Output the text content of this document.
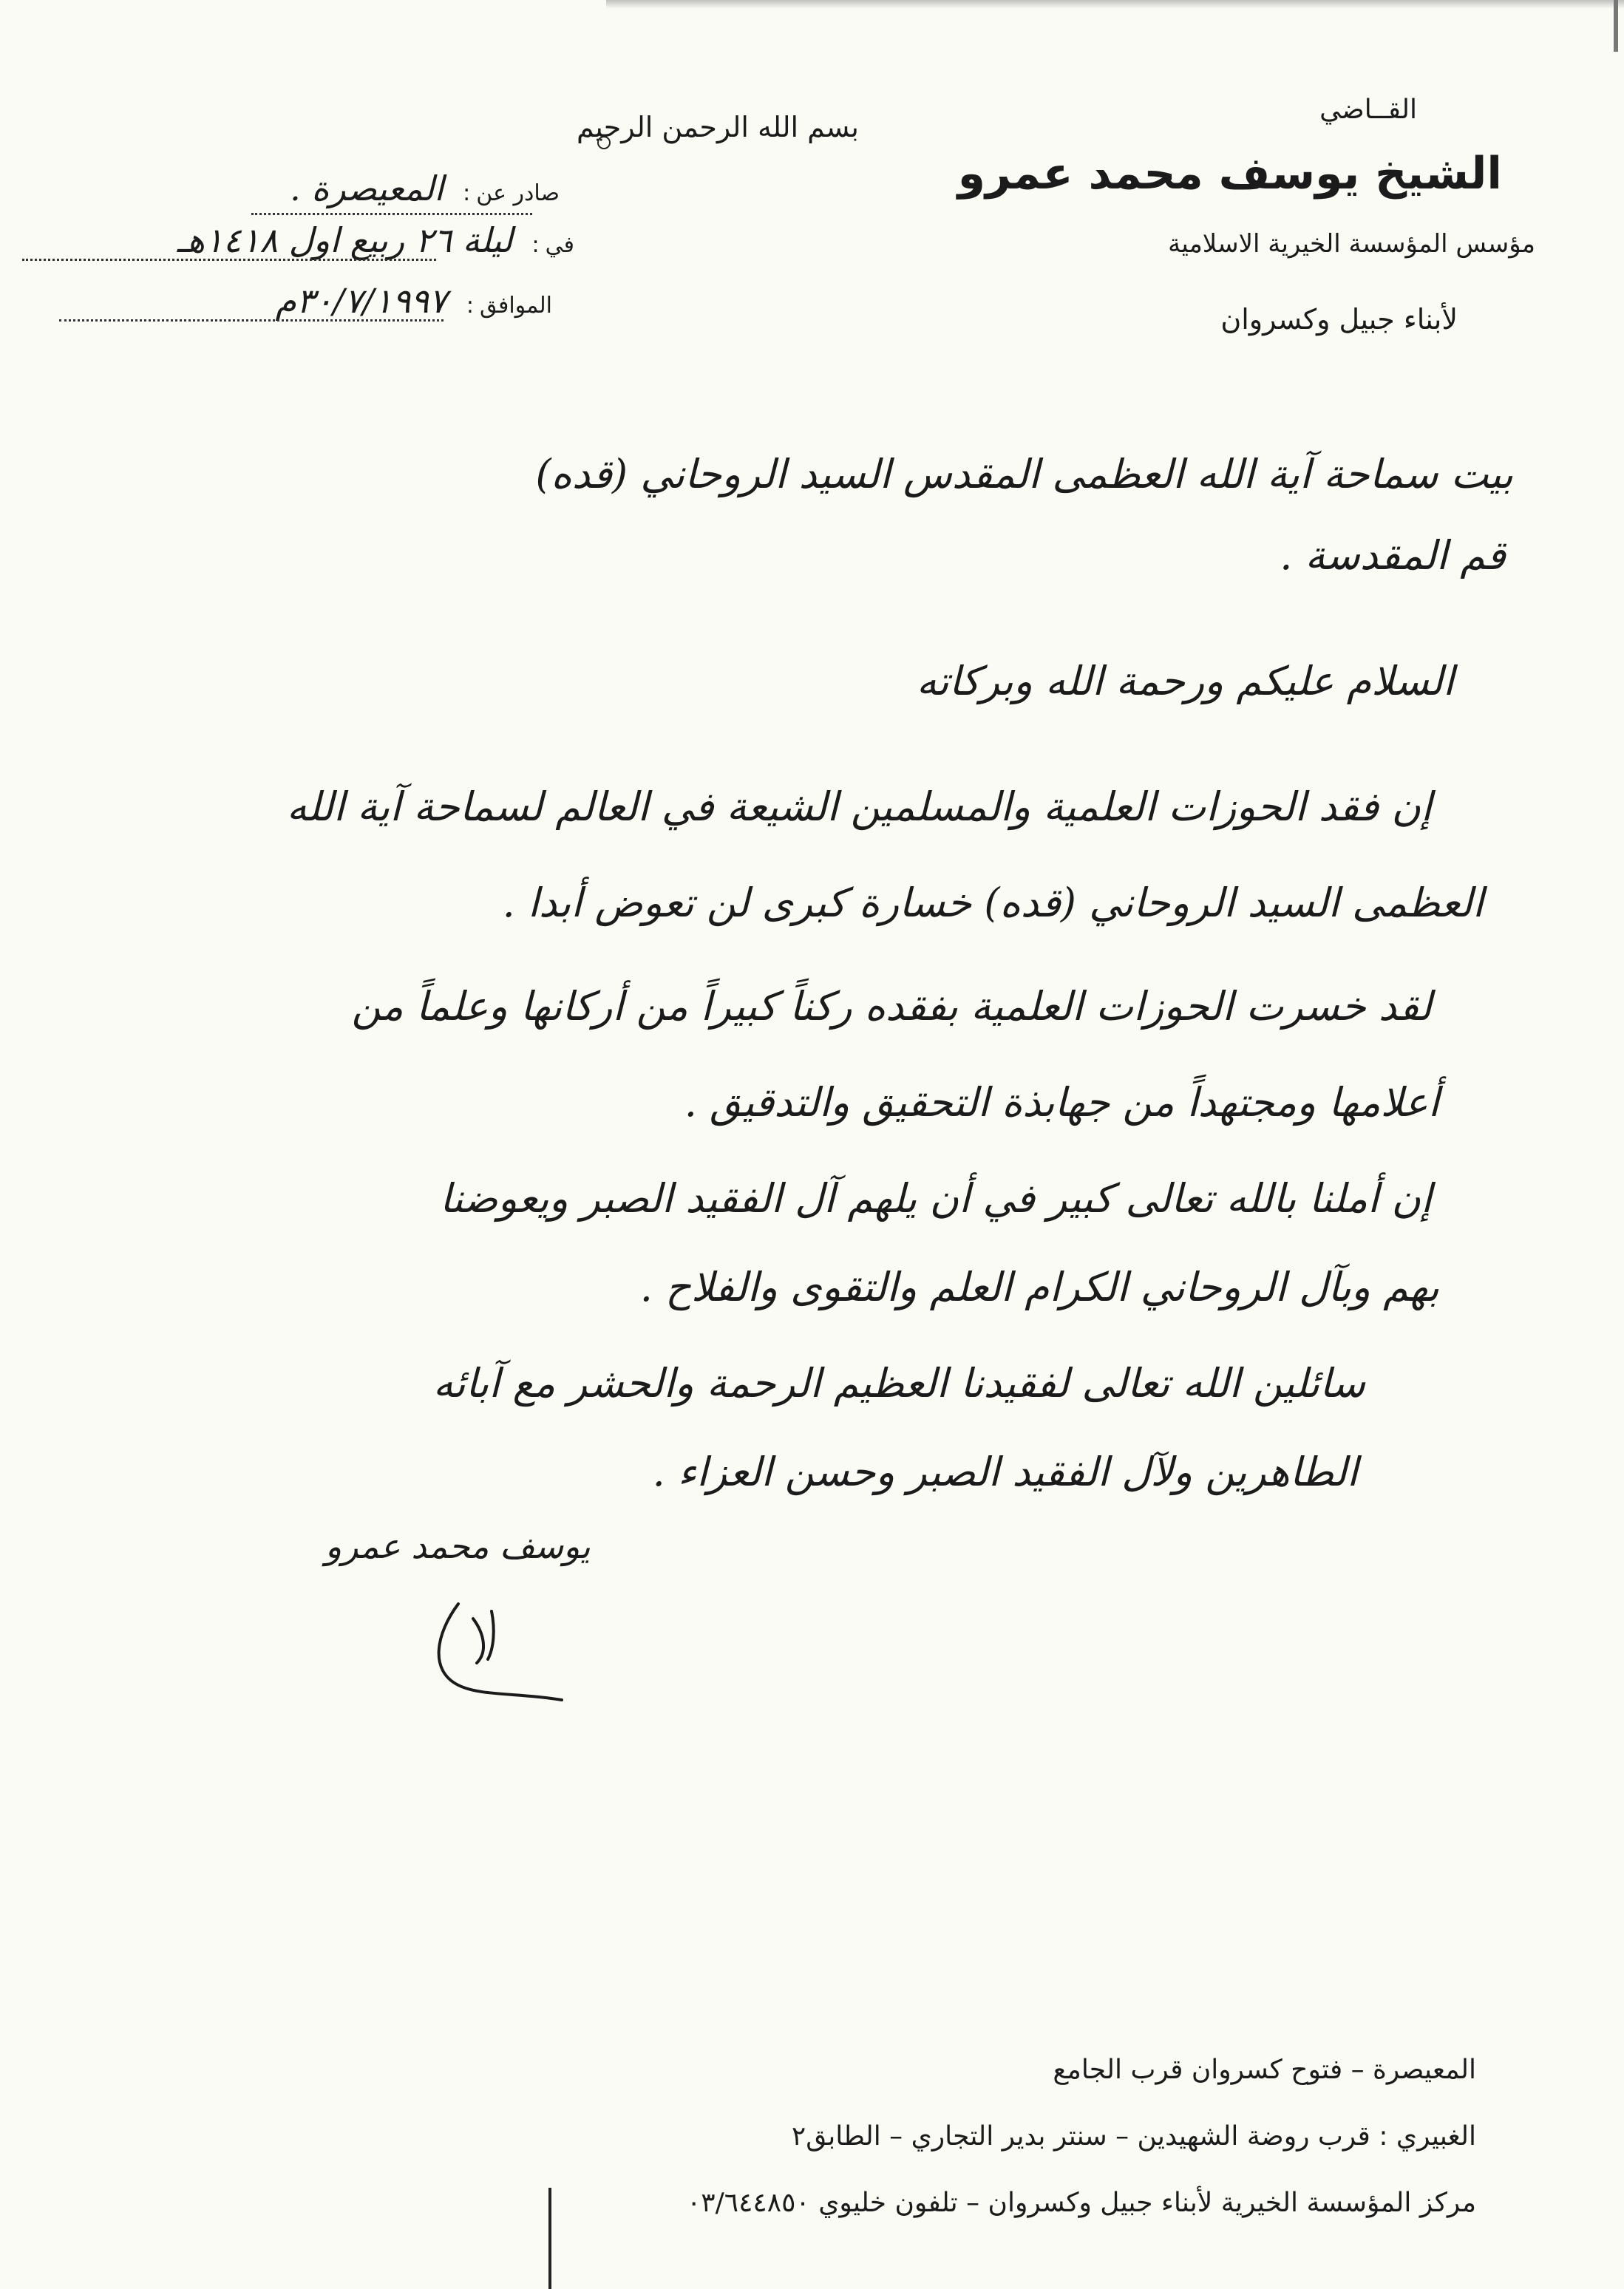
القــاضي
الشيخ يوسف محمد عمرو
مؤسس المؤسسة الخيرية الاسلامية
لأبناء جبيل وكسروان
بسم الله الرحمن الرحيم
صادر عن
:
المعيصرة .
في
:
ليلة ٢٦ ربيع اول ١٤١٨هـ
الموافق
:
٣٠/٧/١٩٩٧م
بيت سماحة آية الله العظمى المقدس السيد الروحاني (قده)
قم المقدسة .
السلام عليكم ورحمة الله وبركاته
إن فقد الحوزات العلمية والمسلمين الشيعة في العالم لسماحة آية الله
العظمى السيد الروحاني (قده) خسارة كبرى لن تعوض أبدا .
لقد خسرت الحوزات العلمية بفقده ركناً كبيراً من أركانها وعلماً من
أعلامها ومجتهداً من جهابذة التحقيق والتدقيق .
إن أملنا بالله تعالى كبير في أن يلهم آل الفقيد الصبر ويعوضنا
بهم وبآل الروحاني الكرام العلم والتقوى والفلاح .
سائلين الله تعالى لفقيدنا العظيم الرحمة والحشر مع آبائه
الطاهرين ولآل الفقيد الصبر وحسن العزاء .
يوسف محمد عمرو
المعيصرة – فتوح كسروان قرب الجامع
الغبيري : قرب روضة الشهيدين – سنتر بدير التجاري – الطابق٢
مركز المؤسسة الخيرية لأبناء جبيل وكسروان – تلفون خليوي ٠٣/٦٤٤٨٥٠
